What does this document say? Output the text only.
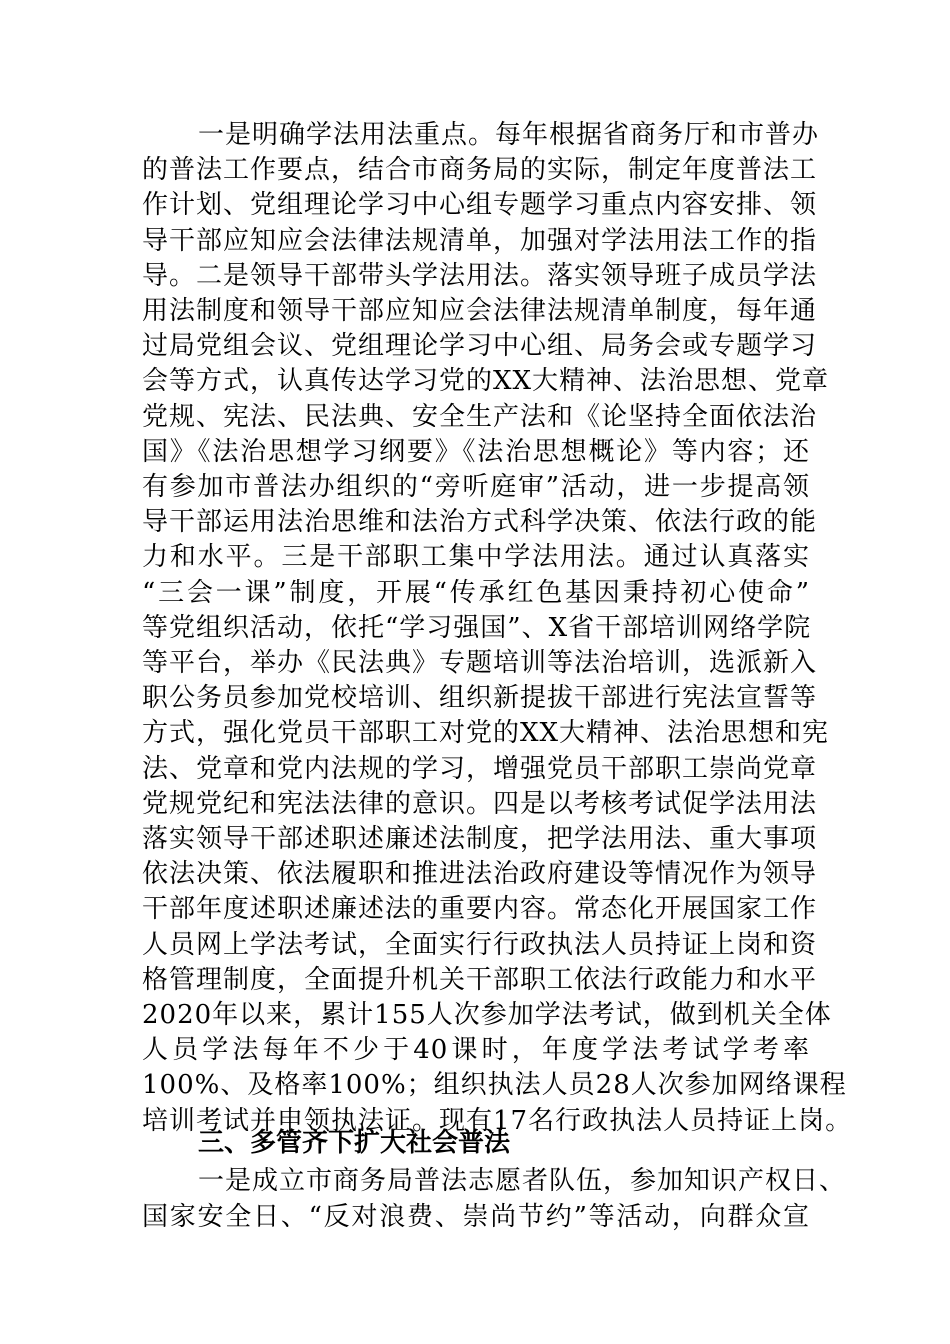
一是明确学法用法重点。每年根据省商务厅和市普办
的普法工作要点，结合市商务局的实际，制定年度普法工
作计划、党组理论学习中心组专题学习重点内容安排、领
导干部应知应会法律法规清单，加强对学法用法工作的指
导。二是领导干部带头学法用法。落实领导班子成员学法
用法制度和领导干部应知应会法律法规清单制度，每年通
过局党组会议、党组理论学习中心组、局务会或专题学习
会等方式，认真传达学习党的XX大精神、法治思想、党章
党规、宪法、民法典、安全生产法和《论坚持全面依法治
国》《法治思想学习纲要》《法治思想概论》等内容；还
有参加市普法办组织的“旁听庭审”活动，进一步提高领
导干部运用法治思维和法治方式科学决策、依法行政的能
力和水平。三是干部职工集中学法用法。通过认真落实
“三会一课”制度，开展“传承红色基因秉持初心使命”
等党组织活动，依托“学习强国”、X省干部培训网络学院
等平台，举办《民法典》专题培训等法治培训，选派新入
职公务员参加党校培训、组织新提拔干部进行宪法宣誓等
方式，强化党员干部职工对党的XX大精神、法治思想和宪
法、党章和党内法规的学习，增强党员干部职工崇尚党章
党规党纪和宪法法律的意识。四是以考核考试促学法用法
落实领导干部述职述廉述法制度，把学法用法、重大事项
依法决策、依法履职和推进法治政府建设等情况作为领导
干部年度述职述廉述法的重要内容。常态化开展国家工作
人员网上学法考试，全面实行行政执法人员持证上岗和资
格管理制度，全面提升机关干部职工依法行政能力和水平
2020年以来，累计155人次参加学法考试，做到机关全体
人员学法每年不少于40课时，年度学法考试学考率
100%、及格率100%；组织执法人员28人次参加网络课程
培训考试并申领执法证。现有17名行政执法人员持证上岗。
三、多管齐下扩大社会普法
一是成立市商务局普法志愿者队伍，参加知识产权日、
国家安全日、“反对浪费、崇尚节约”等活动，向群众宣
